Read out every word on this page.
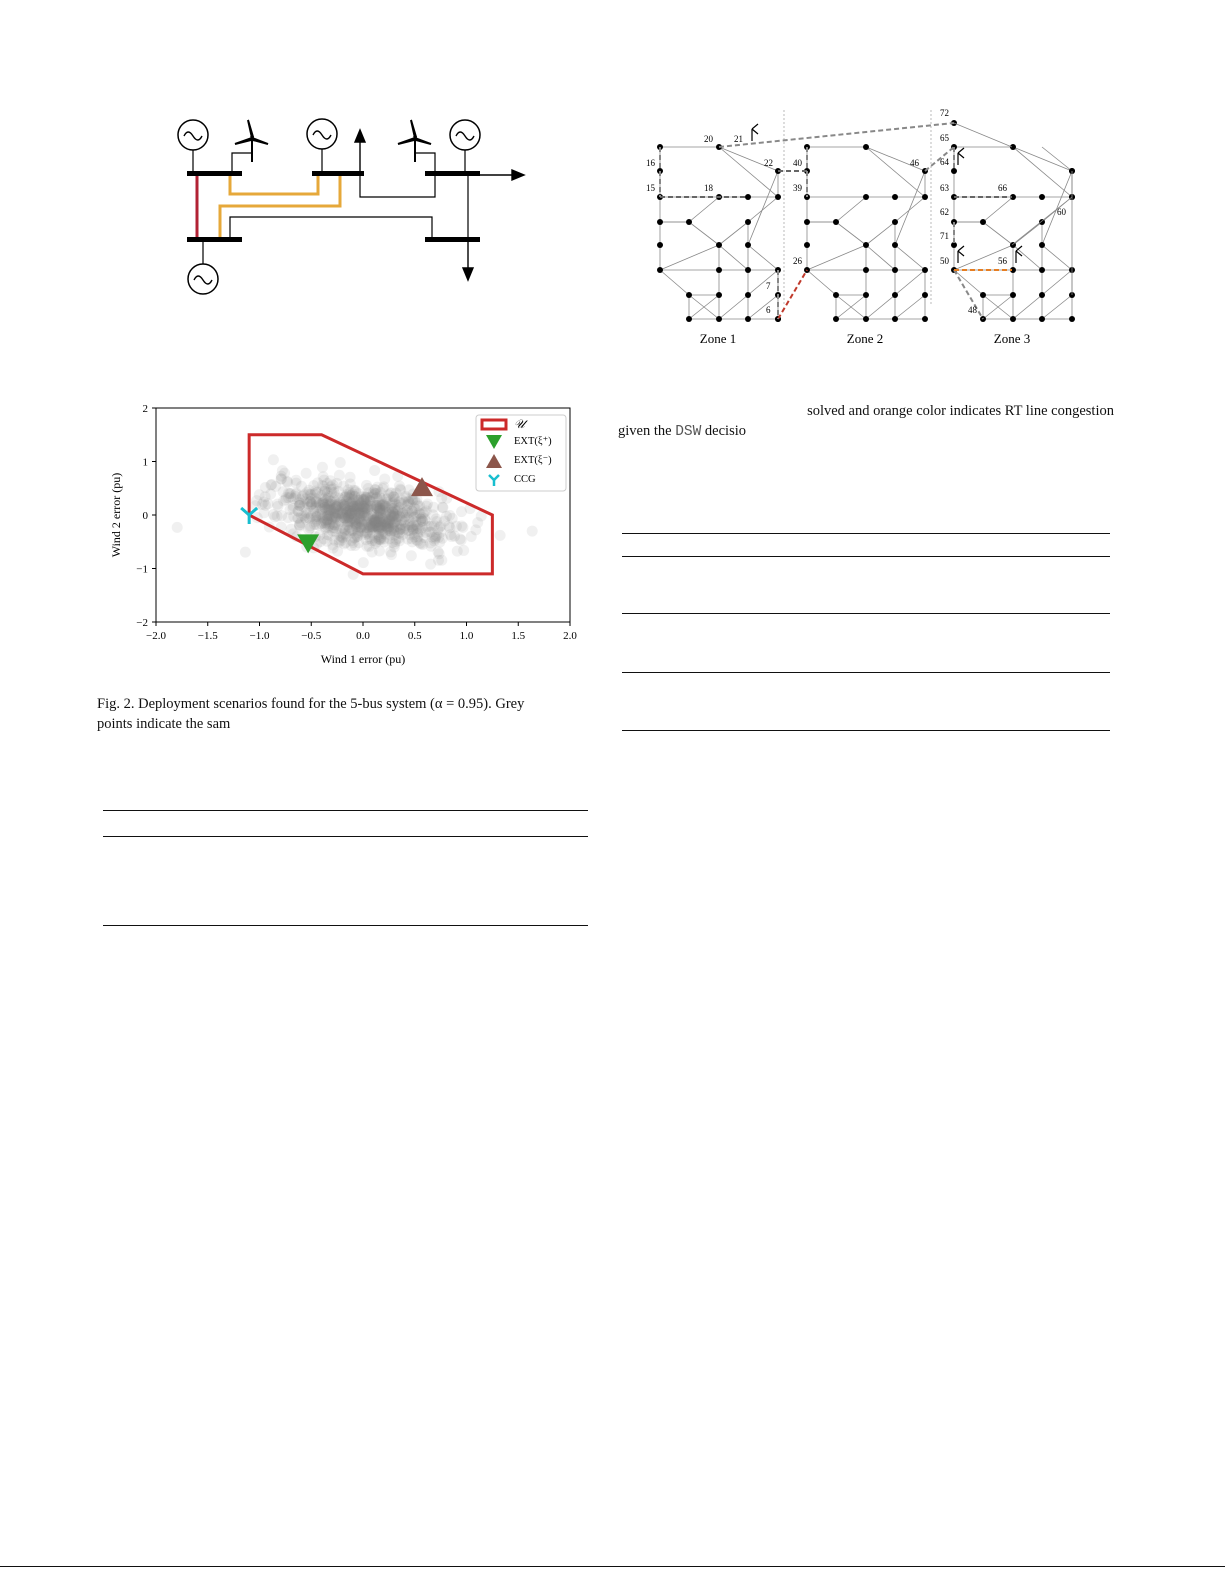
72
65
64
20 21
16	22 40	46
15	18	39	63	66
62	60
71
26	50	56
7
6	48
Zone 1	Zone 2	Zone 3
−2.0	−1.5	−1.0	−0.5	0.0	0.5	1.0	1.5	2.0
−2
−1
0
1
2
Wind 1 error (pu)
Wind 2 error (pu)
𝒰
EXT(ξ⁺)
EXT(ξ⁻)
CCG
Fig. 2. Deployment scenarios found for the 5-bus system (α = 0.95). Grey
points indicate the sam
solved and orange color indicates RT line congestion
given the DSW decisio
